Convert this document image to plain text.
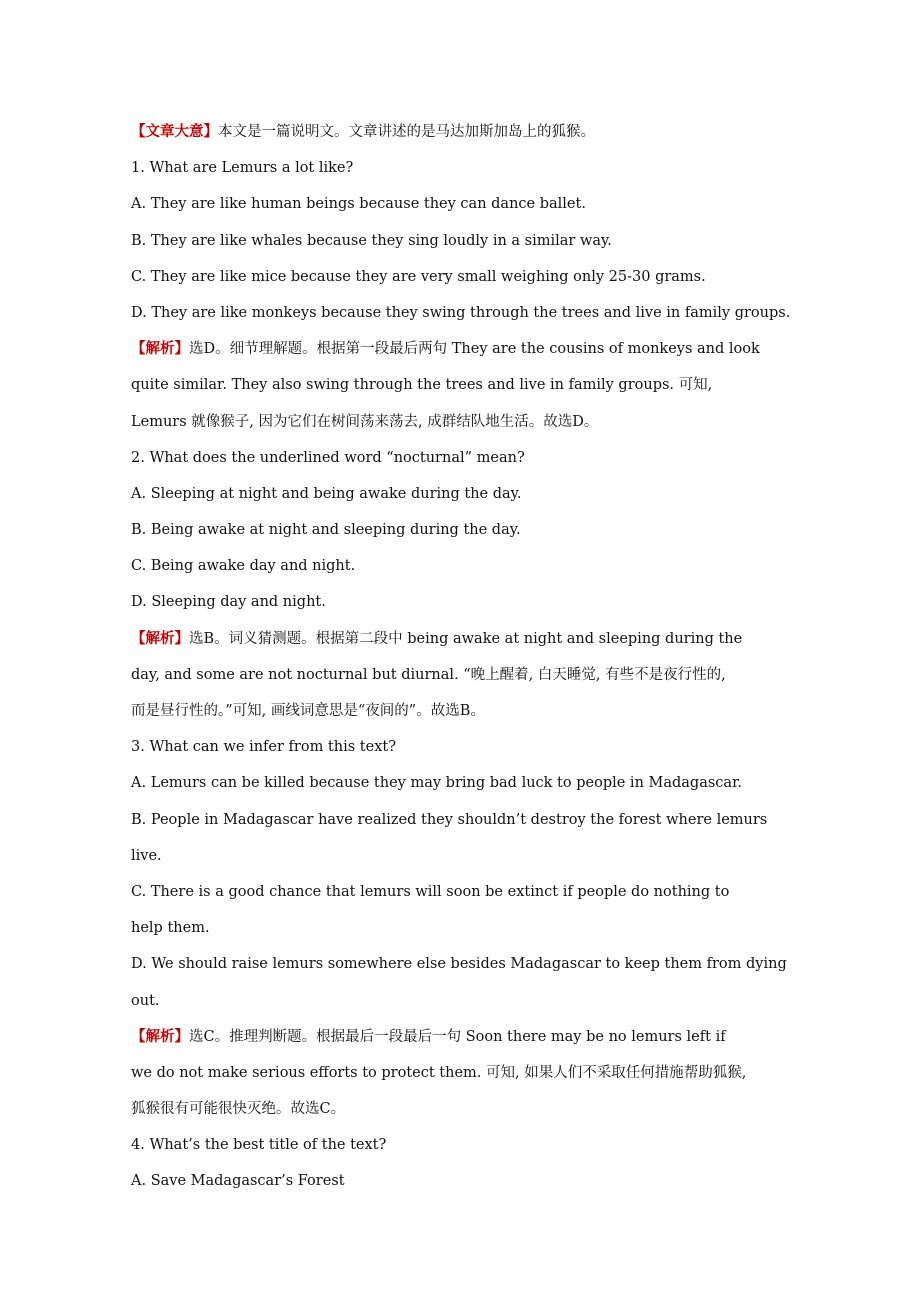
【文章大意】本文是一篇说明文。文章讲述的是马达加斯加岛上的狐猴。
1. What are Lemurs a lot like?
A. They are like human beings because they can dance ballet.
B. They are like whales because they sing loudly in a similar way.
C. They are like mice because they are very small weighing only 25-30 grams.
D. They are like monkeys because they swing through the trees and live in family groups.
【解析】选D。细节理解题。根据第一段最后两句 They are the cousins of monkeys and look
quite similar. They also swing through the trees and live in family groups. 可知,
Lemurs 就像猴子, 因为它们在树间荡来荡去, 成群结队地生活。故选D。
2. What does the underlined word “nocturnal” mean?
A. Sleeping at night and being awake during the day.
B. Being awake at night and sleeping during the day.
C. Being awake day and night.
D. Sleeping day and night.
【解析】选B。词义猜测题。根据第二段中 being awake at night and sleeping during the
day, and some are not nocturnal but diurnal. “晚上醒着, 白天睡觉, 有些不是夜行性的,
而是昼行性的。”可知, 画线词意思是“夜间的”。故选B。
3. What can we infer from this text?
A. Lemurs can be killed because they may bring bad luck to people in Madagascar.
B. People in Madagascar have realized they shouldn’t destroy the forest where lemurs
live.
C. There is a good chance that lemurs will soon be extinct if people do nothing to
help them.
D. We should raise lemurs somewhere else besides Madagascar to keep them from dying
out.
【解析】选C。推理判断题。根据最后一段最后一句 Soon there may be no lemurs left if
we do not make serious efforts to protect them. 可知, 如果人们不采取任何措施帮助狐猴,
狐猴很有可能很快灭绝。故选C。
4. What’s the best title of the text?
A. Save Madagascar’s Forest
